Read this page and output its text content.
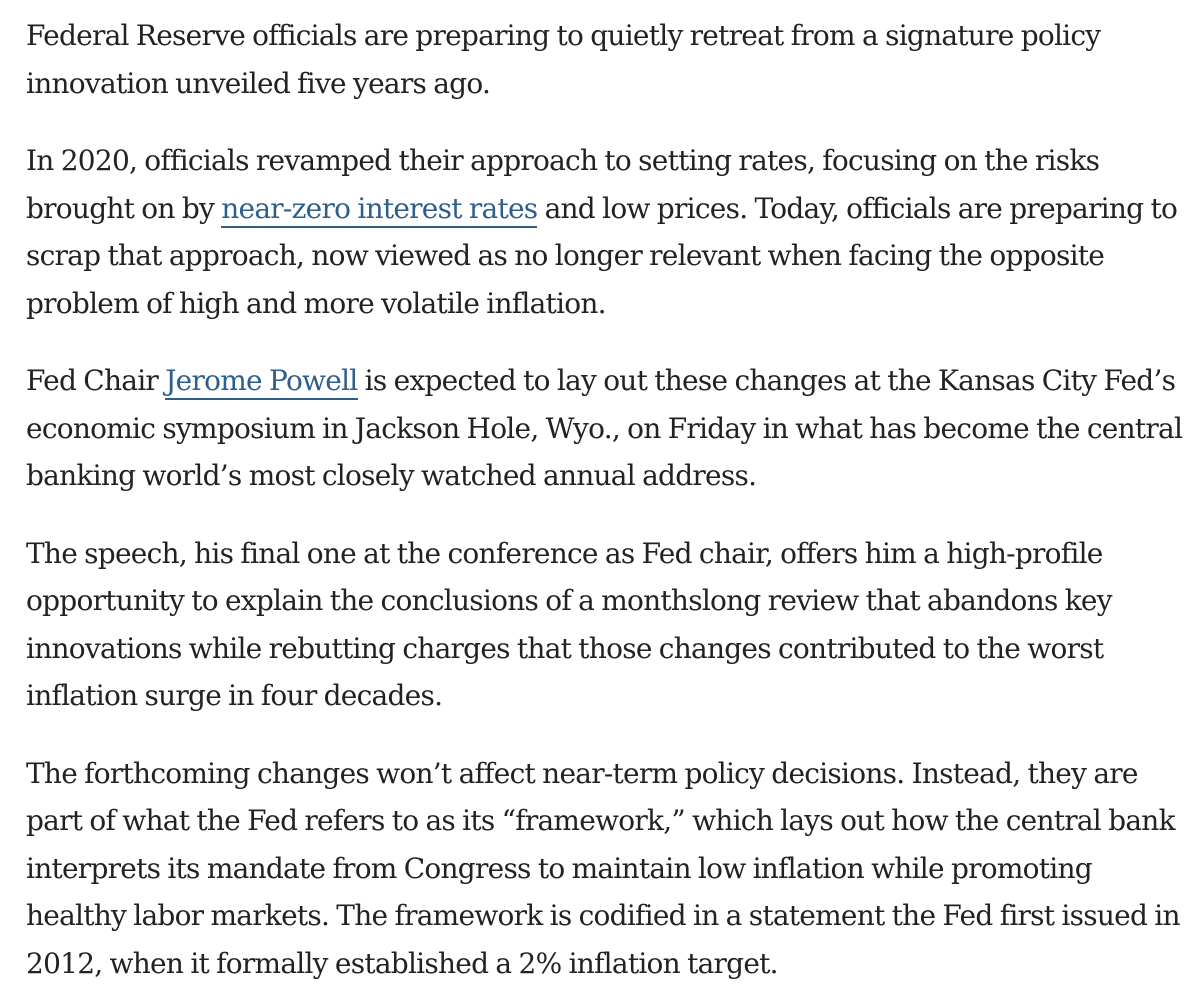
Federal Reserve officials are preparing to quietly retreat from a signature policy innovation unveiled five years ago.

In 2020, officials revamped their approach to setting rates, focusing on the risks brought on by near-zero interest rates and low prices. Today, officials are preparing to scrap that approach, now viewed as no longer relevant when facing the opposite problem of high and more volatile inflation.

Fed Chair Jerome Powell is expected to lay out these changes at the Kansas City Fed’s economic symposium in Jackson Hole, Wyo., on Friday in what has become the central banking world’s most closely watched annual address.

The speech, his final one at the conference as Fed chair, offers him a high-profile opportunity to explain the conclusions of a monthslong review that abandons key innovations while rebutting charges that those changes contributed to the worst inflation surge in four decades.

The forthcoming changes won’t affect near-term policy decisions. Instead, they are part of what the Fed refers to as its “framework,” which lays out how the central bank interprets its mandate from Congress to maintain low inflation while promoting healthy labor markets. The framework is codified in a statement the Fed first issued in 2012, when it formally established a 2% inflation target.
